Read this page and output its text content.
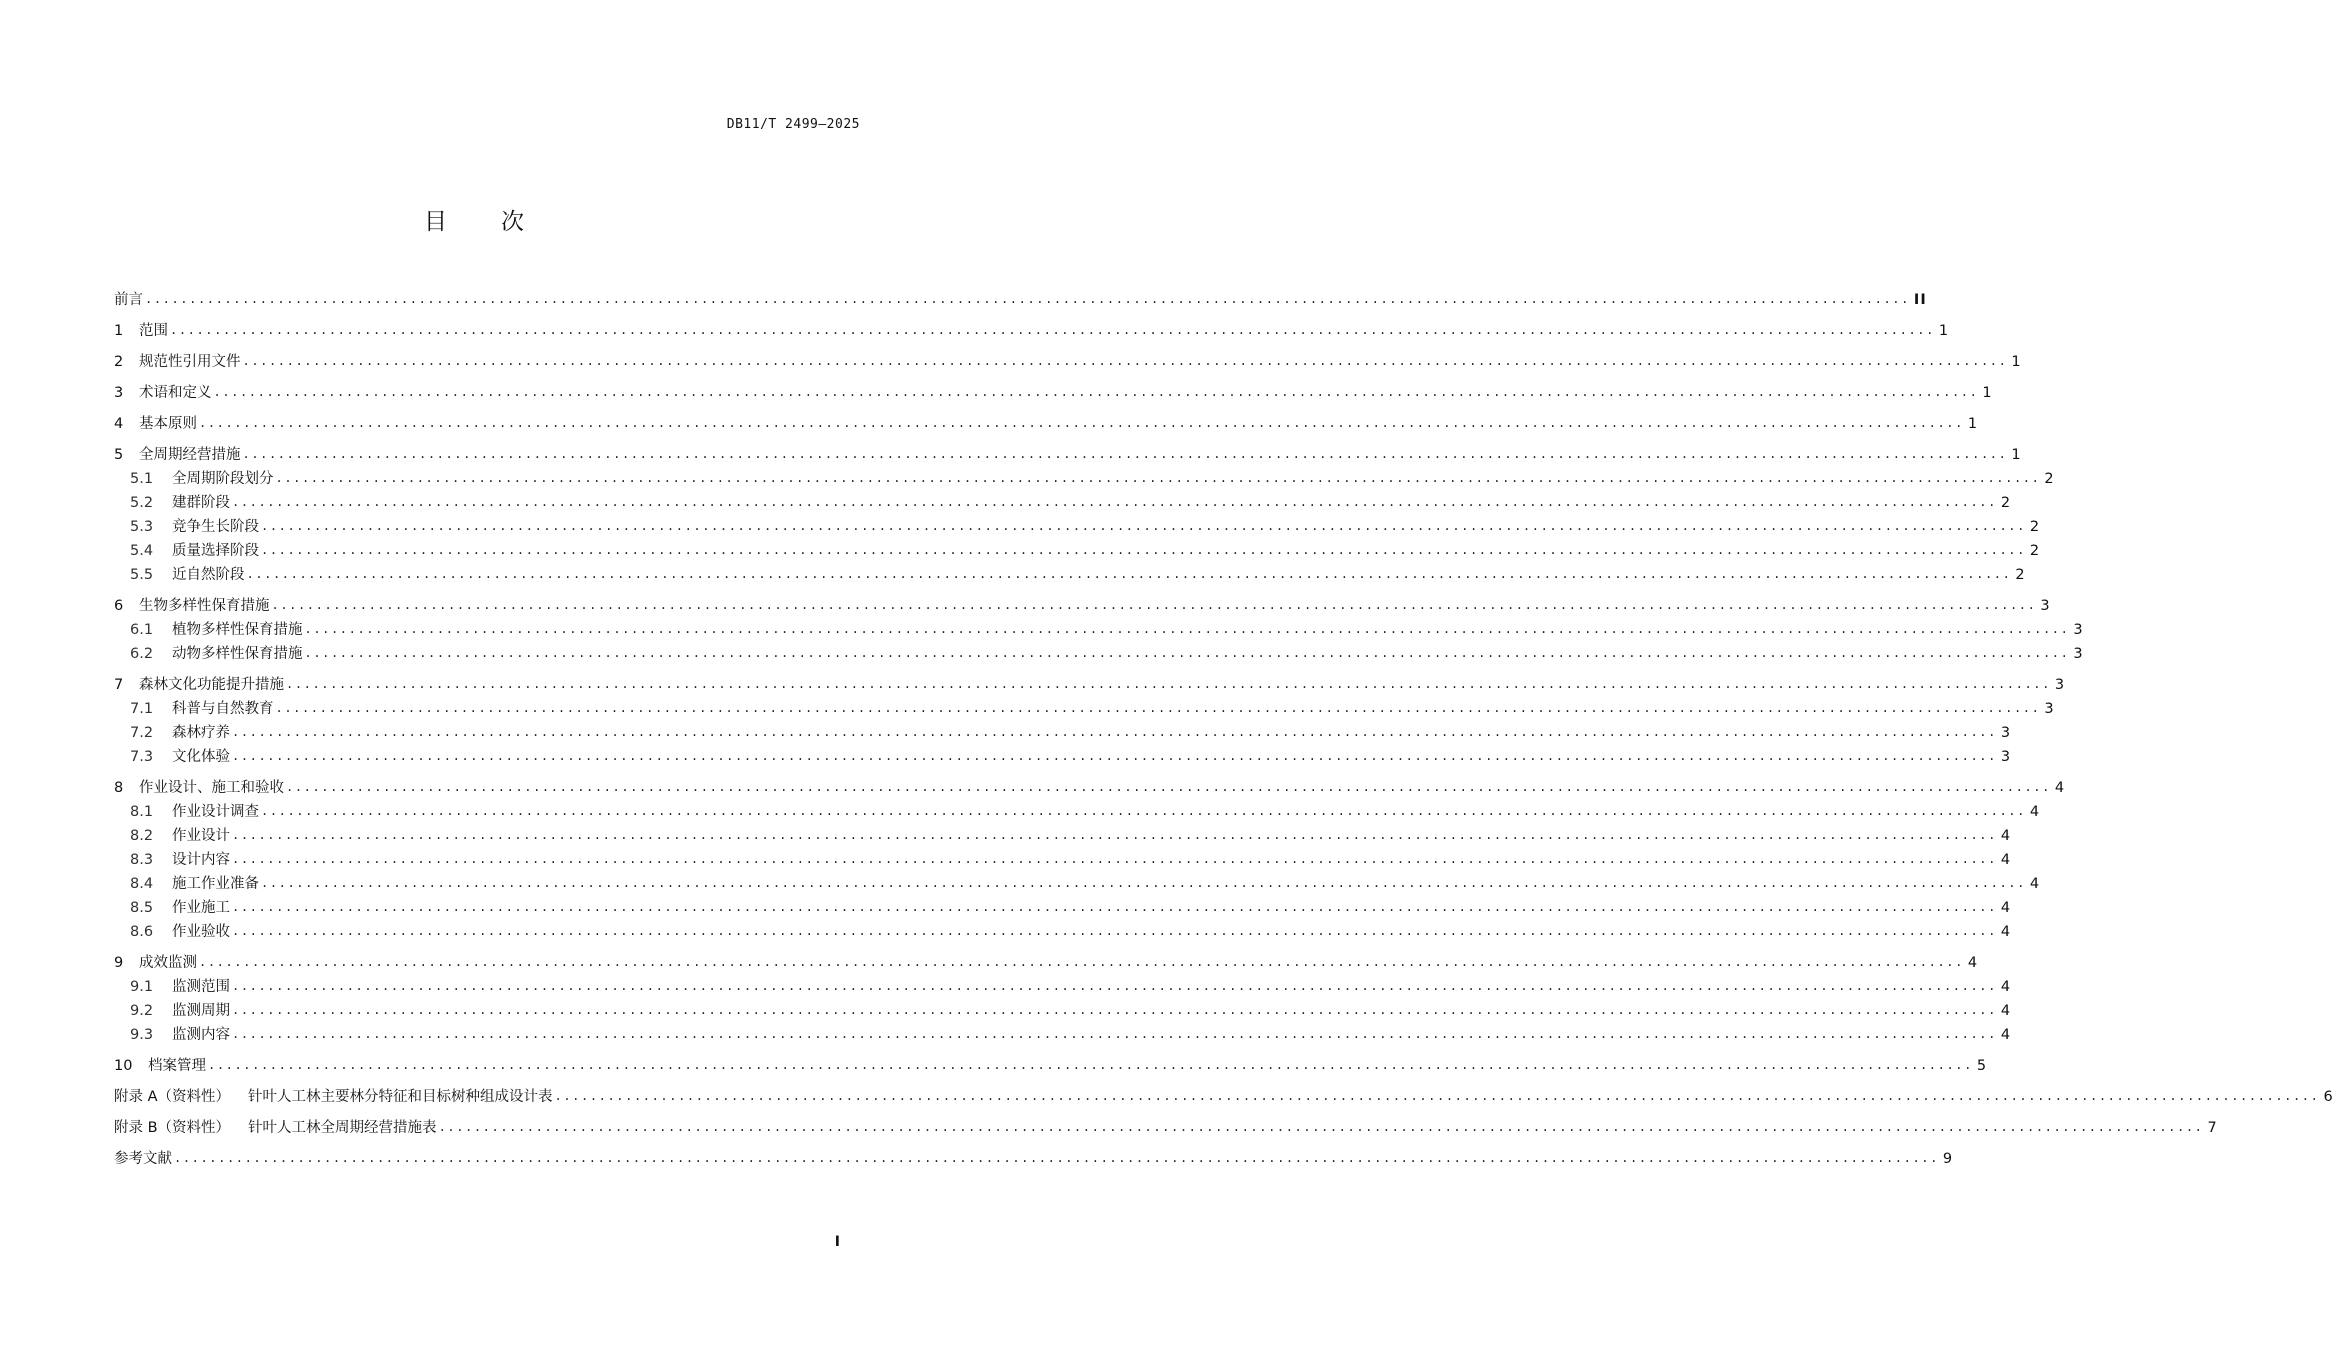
DB11/T 2499—2025
目 次
前言 ........................................................................................................................................................................................................ II
1	范围 ........................................................................................................................................................................................................ 1
2	规范性引用文件 ........................................................................................................................................................................................................ 1
3	术语和定义 ........................................................................................................................................................................................................ 1
4	基本原则 ........................................................................................................................................................................................................ 1
5	全周期经营措施 ........................................................................................................................................................................................................ 1
5.1	全周期阶段划分 ........................................................................................................................................................................................................ 2
5.2	建群阶段 ........................................................................................................................................................................................................ 2
5.3	竞争生长阶段 ........................................................................................................................................................................................................ 2
5.4	质量选择阶段 ........................................................................................................................................................................................................ 2
5.5	近自然阶段 ........................................................................................................................................................................................................ 2
6	生物多样性保育措施 ........................................................................................................................................................................................................ 3
6.1	植物多样性保育措施 ........................................................................................................................................................................................................ 3
6.2	动物多样性保育措施 ........................................................................................................................................................................................................ 3
7	森林文化功能提升措施 ........................................................................................................................................................................................................ 3
7.1	科普与自然教育 ........................................................................................................................................................................................................ 3
7.2	森林疗养 ........................................................................................................................................................................................................ 3
7.3	文化体验 ........................................................................................................................................................................................................ 3
8	作业设计、施工和验收 ........................................................................................................................................................................................................ 4
8.1	作业设计调查 ........................................................................................................................................................................................................ 4
8.2	作业设计 ........................................................................................................................................................................................................ 4
8.3	设计内容 ........................................................................................................................................................................................................ 4
8.4	施工作业准备 ........................................................................................................................................................................................................ 4
8.5	作业施工 ........................................................................................................................................................................................................ 4
8.6	作业验收 ........................................................................................................................................................................................................ 4
9	成效监测 ........................................................................................................................................................................................................ 4
9.1	监测范围 ........................................................................................................................................................................................................ 4
9.2	监测周期 ........................................................................................................................................................................................................ 4
9.3	监测内容 ........................................................................................................................................................................................................ 4
10	档案管理 ........................................................................................................................................................................................................ 5
附录 A（资料性） 针叶人工林主要林分特征和目标树种组成设计表 ........................................................................................................................................................................................................ 6
附录 B（资料性） 针叶人工林全周期经营措施表 ........................................................................................................................................................................................................ 7
参考文献 ........................................................................................................................................................................................................ 9
I
